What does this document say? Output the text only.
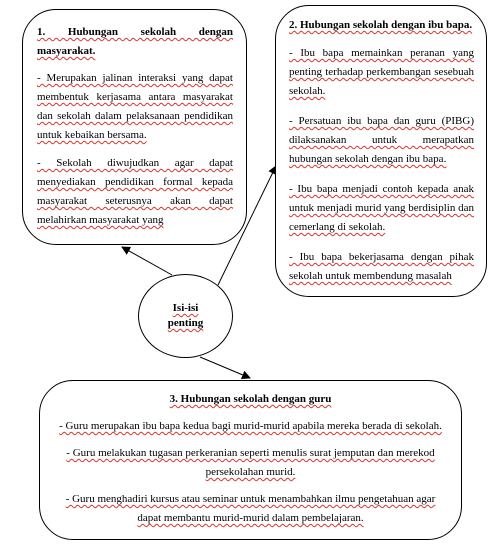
1. Hubungan sekolah dengan masyarakat.

- Merupakan jalinan interaksi yang dapat membentuk kerjasama antara masyarakat dan sekolah dalam pelaksanaan pendidikan untuk kebaikan bersama.

- Sekolah diwujudkan agar dapat menyediakan pendidikan formal kepada masyarakat seterusnya akan dapat melahirkan masyarakat yang

2. Hubungan sekolah dengan ibu bapa.

- Ibu bapa memainkan peranan yang penting terhadap perkembangan sesebuah sekolah.

- Persatuan ibu bapa dan guru (PIBG) dilaksanakan untuk merapatkan hubungan sekolah dengan ibu bapa.

- Ibu bapa menjadi contoh kepada anak untuk menjadi murid yang berdisiplin dan cemerlang di sekolah.

- Ibu bapa bekerjasama dengan pihak sekolah untuk membendung masalah

3. Hubungan sekolah dengan guru

- Guru merupakan ibu bapa kedua bagi murid-murid apabila mereka berada di sekolah.

- Guru melakukan tugasan perkeranian seperti menulis surat jemputan dan merekod persekolahan murid.

- Guru menghadiri kursus atau seminar untuk menambahkan ilmu pengetahuan agar dapat membantu murid-murid dalam pembelajaran.

Isi-isi penting
